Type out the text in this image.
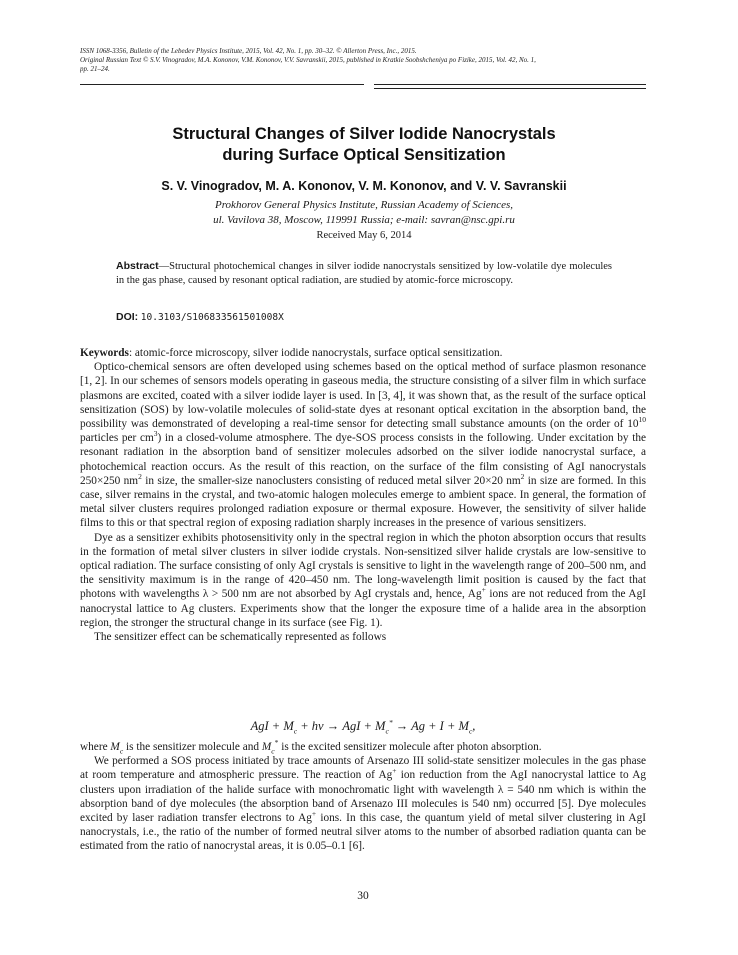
ISSN 1068-3356, Bulletin of the Lebedev Physics Institute, 2015, Vol. 42, No. 1, pp. 30–32. © Allerton Press, Inc., 2015.
Original Russian Text © S.V. Vinogradov, M.A. Kononov, V.M. Kononov, V.V. Savranskii, 2015, published in Kratkie Soobshcheniya po Fizike, 2015, Vol. 42, No. 1,
pp. 21–24.
Structural Changes of Silver Iodide Nanocrystals
during Surface Optical Sensitization
S. V. Vinogradov, M. A. Kononov, V. M. Kononov, and V. V. Savranskii
Prokhorov General Physics Institute, Russian Academy of Sciences,
ul. Vavilova 38, Moscow, 119991 Russia; e-mail: savran@nsc.gpi.ru
Received May 6, 2014
Abstract—Structural photochemical changes in silver iodide nanocrystals sensitized by low-volatile dye molecules in the gas phase, caused by resonant optical radiation, are studied by atomic-force microscopy.
DOI: 10.3103/S106833561501008X

Keywords: atomic-force microscopy, silver iodide nanocrystals, surface optical sensitization.

Optico-chemical sensors are often developed using schemes based on the optical method of surface plasmon resonance [1, 2]. In our schemes of sensors models operating in gaseous media, the structure consisting of a silver film in which surface plasmons are excited, coated with a silver iodide layer is used. In [3, 4], it was shown that, as the result of the surface optical sensitization (SOS) by low-volatile molecules of solid-state dyes at resonant optical excitation in the absorption band, the possibility was demonstrated of developing a real-time sensor for detecting small substance amounts (on the order of $10^{10}$ particles per $cm^3$) in a closed-volume atmosphere. The dye-SOS process consists in the following. Under excitation by the resonant radiation in the absorption band of sensitizer molecules adsorbed on the silver iodide nanocrystal surface, a photochemical reaction occurs. As the result of this reaction, on the surface of the film consisting of AgI nanocrystals 250×250 $nm^2$ in size, the smaller-size nanoclusters consisting of reduced metal silver 20×20 $nm^2$ in size are formed. In this case, silver remains in the crystal, and two-atomic halogen molecules emerge to ambient space. In general, the formation of metal silver clusters requires prolonged radiation exposure or thermal exposure. However, the sensitivity of silver halide films to this or that spectral region of exposing radiation sharply increases in the presence of various sensitizers.

Dye as a sensitizer exhibits photosensitivity only in the spectral region in which the photon absorption occurs that results in the formation of metal silver clusters in silver iodide crystals. Non-sensitized silver halide crystals are low-sensitive to optical radiation. The surface consisting of only AgI crystals is sensitive to light in the wavelength range of 200–500 nm, and the sensitivity maximum is in the range of 420–450 nm. The long-wavelength limit position is caused by the fact that photons with wavelengths λ > 500 nm are not absorbed by AgI crystals and, hence, Ag+ ions are not reduced from the AgI nanocrystal lattice to Ag clusters. Experiments show that the longer the exposure time of a halide area in the absorption region, the stronger the structural change in its surface (see Fig. 1).

The sensitizer effect can be schematically represented as follows

AgI + $M_c + h\nu$ → AgI + $M_c^* \to Ag + I + M_c$,

where $M_c$ is the sensitizer molecule and $M_c^*$ is the excited sensitizer molecule after photon absorption.

We performed a SOS process initiated by trace amounts of Arsenazo III solid-state sensitizer molecules in the gas phase at room temperature and atmospheric pressure. The reaction of Ag+ ion reduction from the AgI nanocrystal lattice to Ag clusters upon irradiation of the halide surface with monochromatic light with wavelength λ = 540 nm which is within the absorption band of dye molecules (the absorption band of Arsenazo III molecules is 540 nm) occurred [5]. Dye molecules excited by laser radiation transfer electrons to Ag+ ions. In this case, the quantum yield of metal silver clustering in AgI nanocrystals, i.e., the ratio of the number of formed neutral silver atoms to the number of absorbed radiation quanta can be estimated from the ratio of nanocrystal areas, it is 0.05–0.1 [6].

30
